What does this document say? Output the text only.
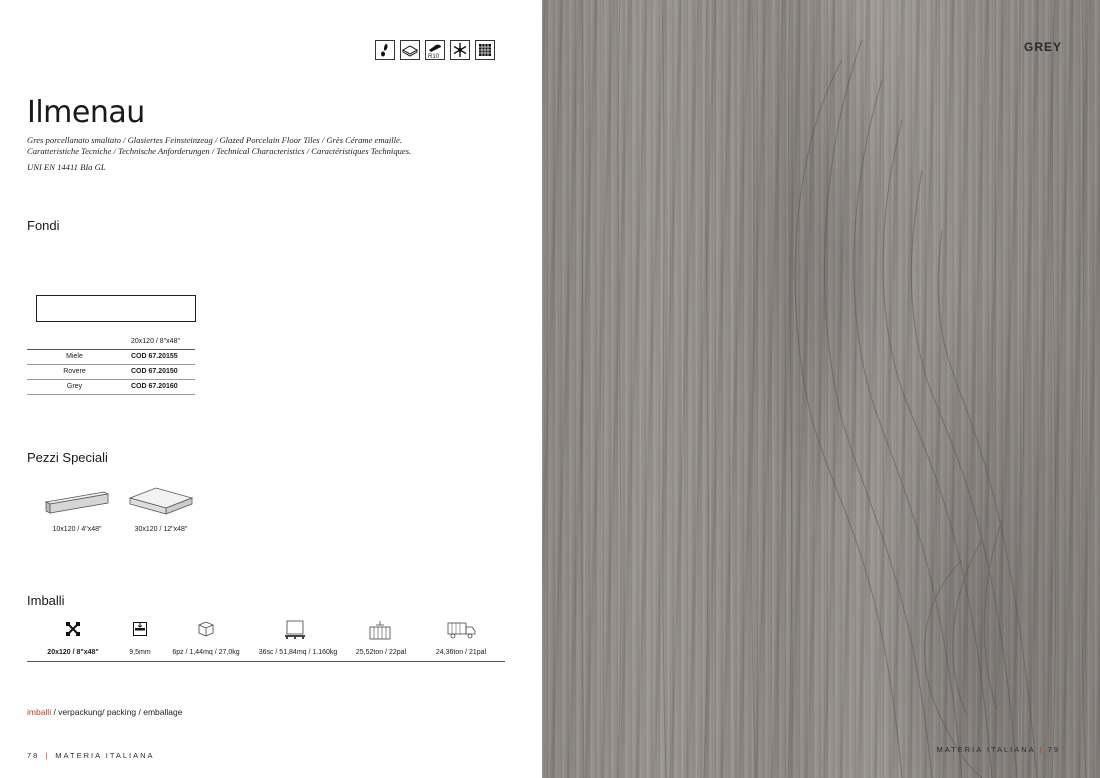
R10
Ilmenau
Gres porcellanato smaltato / Glasiertes Feinsteinzeug / Glazed Porcelain Floor Tiles / Grès Cérame emaille.
Caratteristiche Tecniche / Technische Anforderungen / Technical Characteristics / Caractéristiques Techniques.
UNI EN 14411 BIa GL
Fondi
20x120 / 8"x48"
Miele	COD 67.20155
Rovere	COD 67.20150
Grey	COD 67.20160
Pezzi Speciali
10x120 / 4"x48"	30x120 / 12"x48"
Imballi
20x120 / 8"x48"	9,5mm	6pz / 1,44mq / 27,0kg	36sc / 51,84mq / 1.160kg	25,52ton / 22pal	24,36ton / 21pal
imballi / verpackung/ packing / emballage
78 | MATERIA ITALIANA
GREY
MATERIA ITALIANA | 79
